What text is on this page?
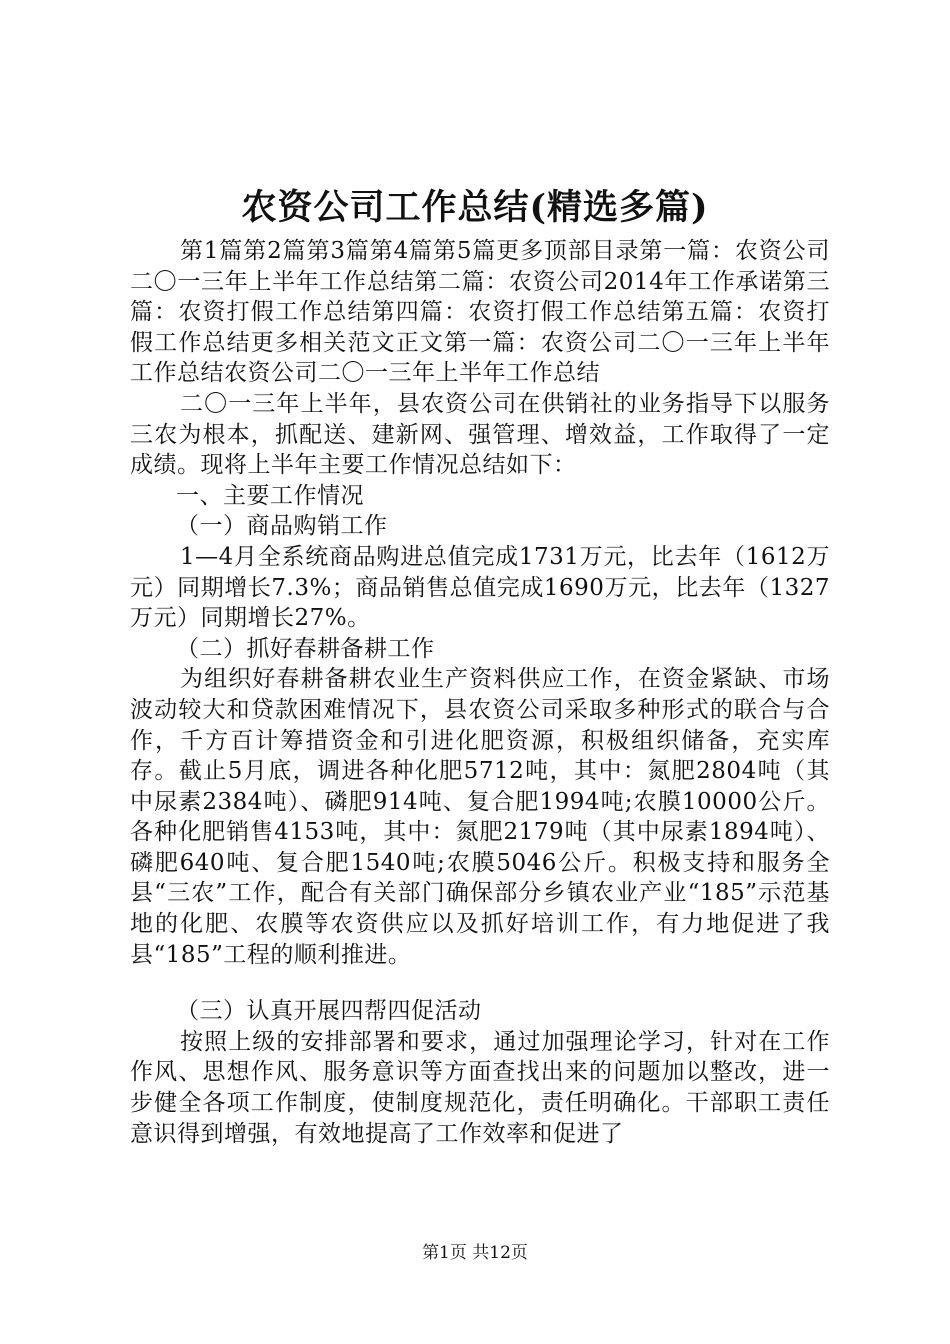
农资公司工作总结(精选多篇)

第1篇第2篇第3篇第4篇第5篇更多顶部目录第一篇：农资公司二〇一三年上半年工作总结第二篇：农资公司2014年工作承诺第三篇：农资打假工作总结第四篇：农资打假工作总结第五篇：农资打假工作总结更多相关范文正文第一篇：农资公司二〇一三年上半年工作总结农资公司二〇一三年上半年工作总结

二〇一三年上半年，县农资公司在供销社的业务指导下以服务三农为根本，抓配送、建新网、强管理、增效益，工作取得了一定成绩。现将上半年主要工作情况总结如下：

一、主要工作情况

（一）商品购销工作

1—4月全系统商品购进总值完成1731万元，比去年（1612万元）同期增长7.3%；商品销售总值完成1690万元，比去年（1327万元）同期增长27%。

（二）抓好春耕备耕工作

为组织好春耕备耕农业生产资料供应工作，在资金紧缺、市场波动较大和贷款困难情况下，县农资公司采取多种形式的联合与合作，千方百计筹措资金和引进化肥资源，积极组织储备，充实库存。截止5月底，调进各种化肥5712吨，其中：氮肥2804吨（其中尿素2384吨）、磷肥914吨、复合肥1994吨;农膜10000公斤。各种化肥销售4153吨，其中：氮肥2179吨（其中尿素1894吨）、磷肥640吨、复合肥1540吨;农膜5046公斤。积极支持和服务全县“三农”工作，配合有关部门确保部分乡镇农业产业“185”示范基地的化肥、农膜等农资供应以及抓好培训工作，有力地促进了我县“185”工程的顺利推进。

（三）认真开展四帮四促活动

按照上级的安排部署和要求，通过加强理论学习，针对在工作作风、思想作风、服务意识等方面查找出来的问题加以整改，进一步健全各项工作制度，使制度规范化，责任明确化。干部职工责任意识得到增强，有效地提高了工作效率和促进了

第1页 共12页
